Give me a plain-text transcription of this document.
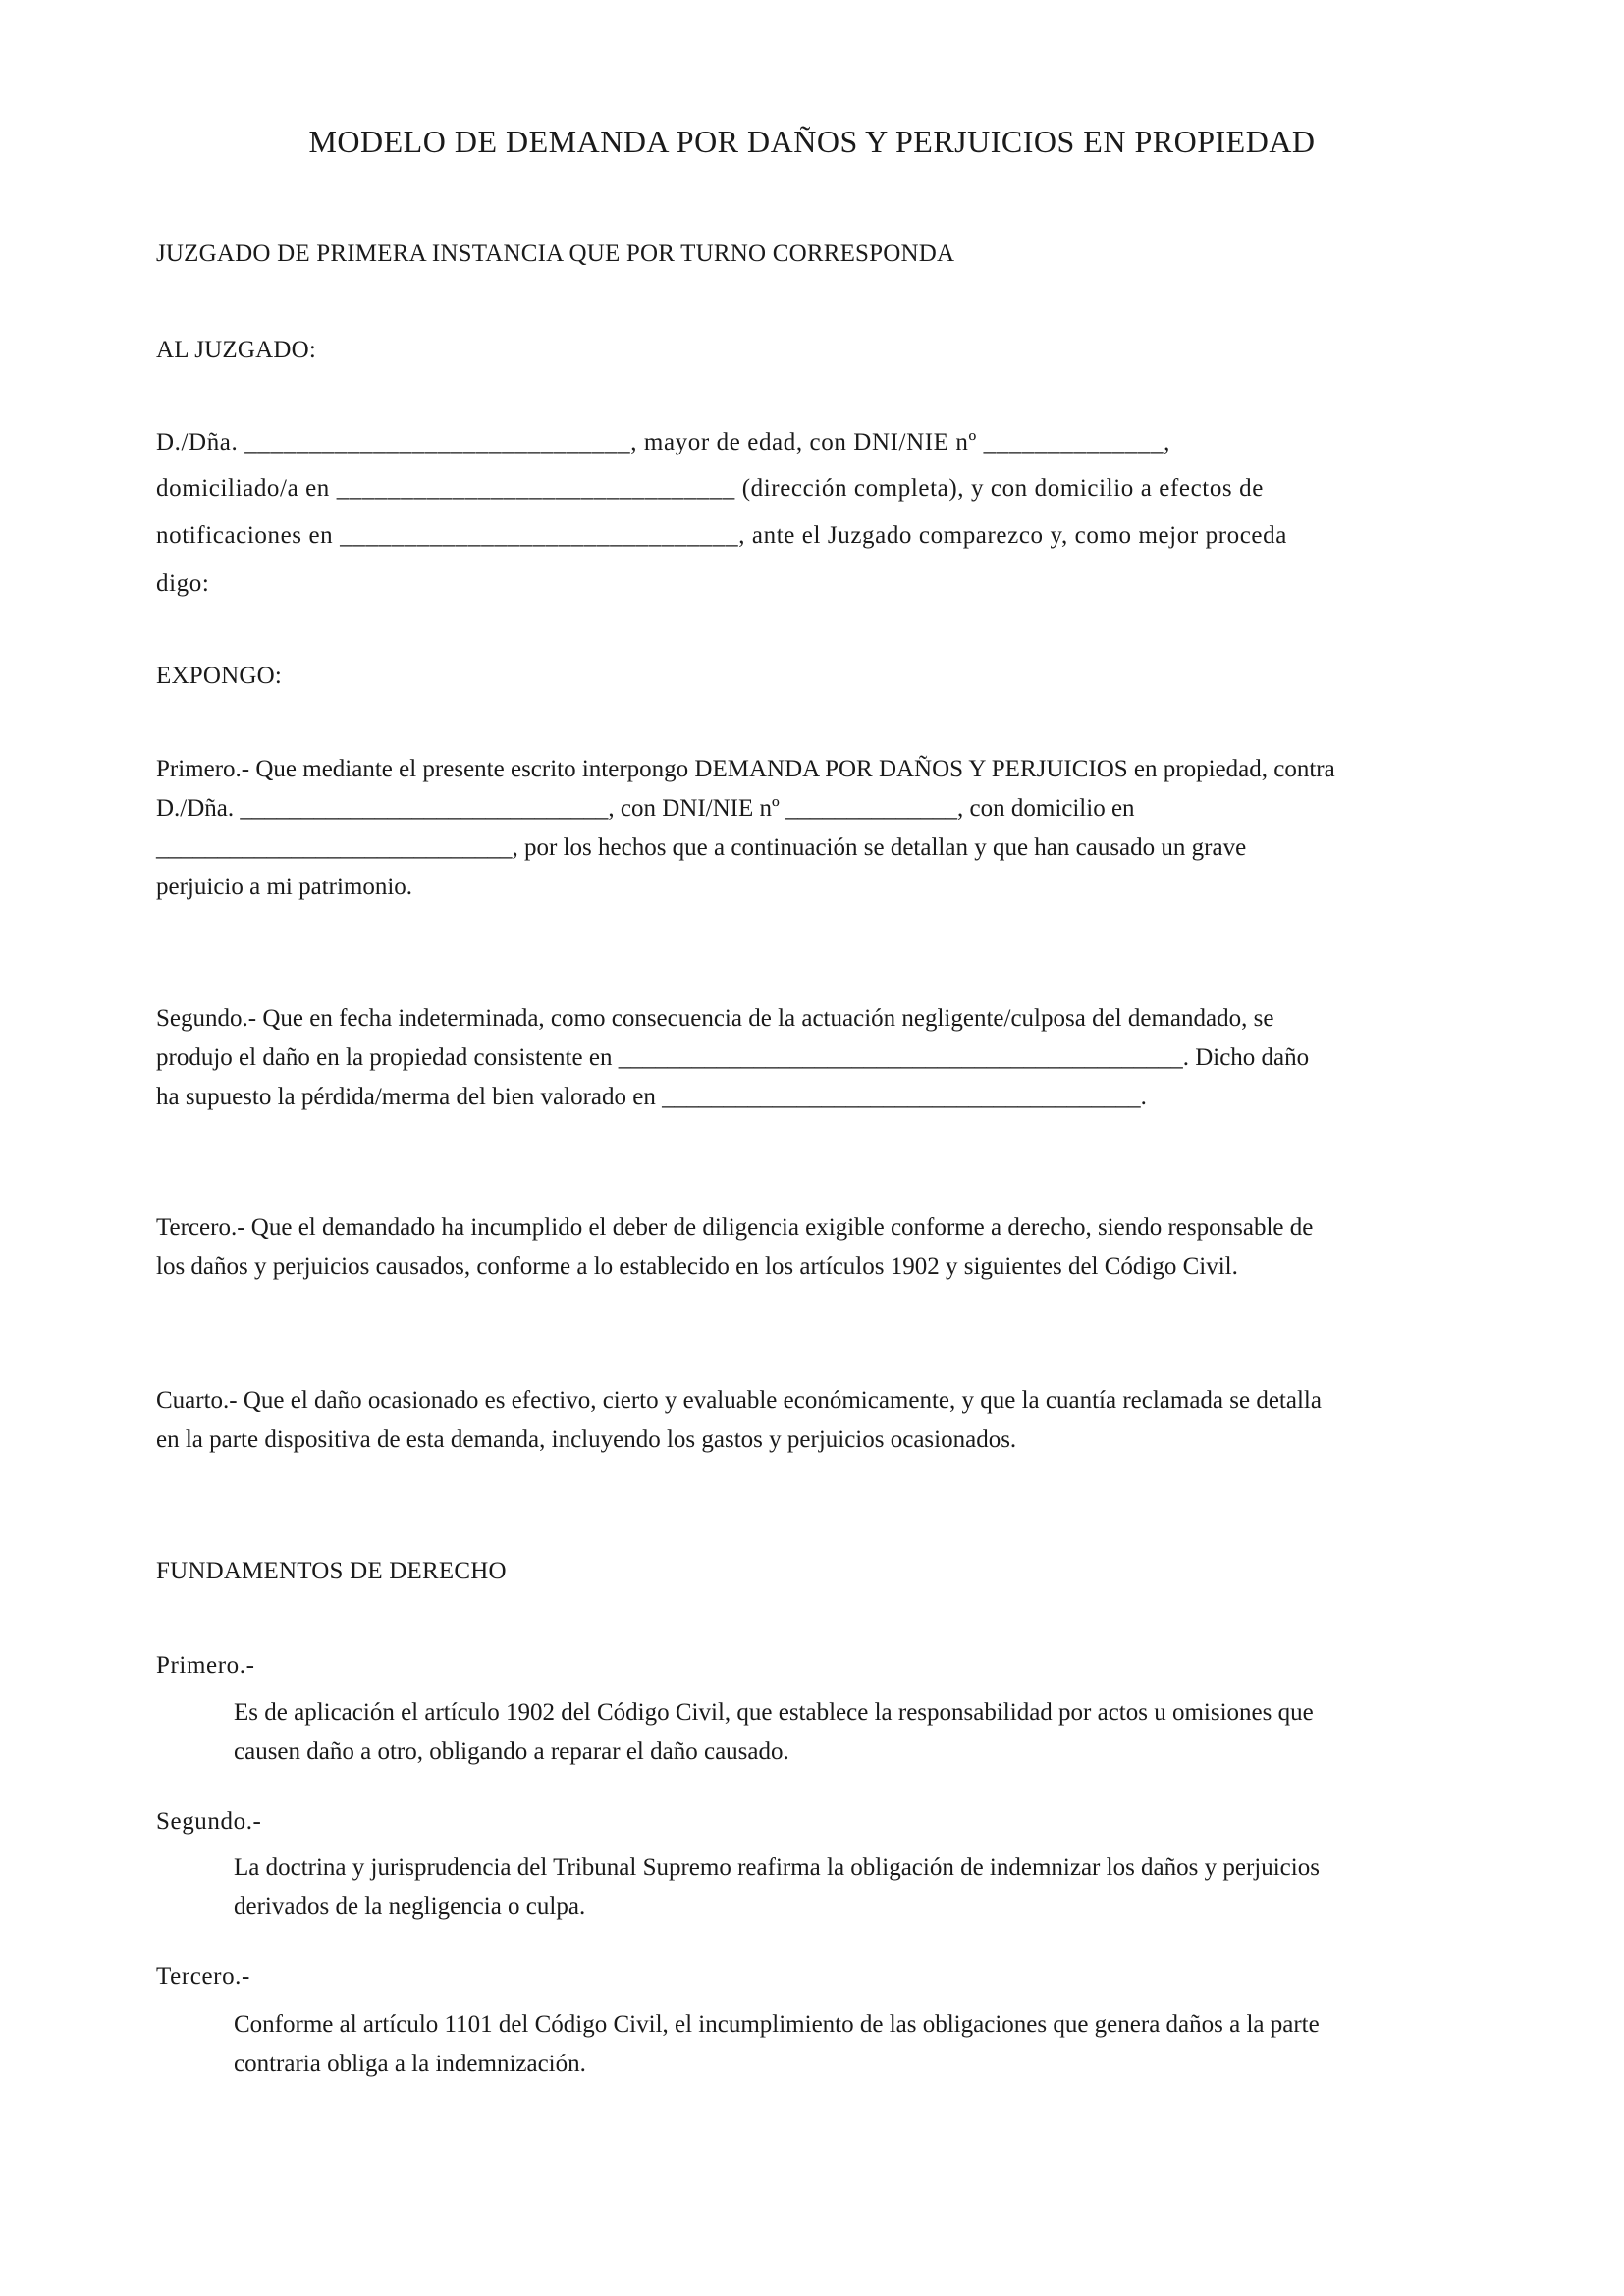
MODELO DE DEMANDA POR DAÑOS Y PERJUICIOS EN PROPIEDAD
JUZGADO DE PRIMERA INSTANCIA QUE POR TURNO CORRESPONDA
AL JUZGADO:
D./Dña. ______________________________, mayor de edad, con DNI/NIE nº ______________,
domiciliado/a en _______________________________ (dirección completa), y con domicilio a efectos de
notificaciones en _______________________________, ante el Juzgado comparezco y, como mejor proceda
digo:
EXPONGO:
Primero.- Que mediante el presente escrito interpongo DEMANDA POR DAÑOS Y PERJUICIOS en propiedad, contra
D./Dña. ______________________________, con DNI/NIE nº ______________, con domicilio en
_____________________________, por los hechos que a continuación se detallan y que han causado un grave
perjuicio a mi patrimonio.
Segundo.- Que en fecha indeterminada, como consecuencia de la actuación negligente/culposa del demandado, se
produjo el daño en la propiedad consistente en ______________________________________________. Dicho daño
ha supuesto la pérdida/merma del bien valorado en _______________________________________.
Tercero.- Que el demandado ha incumplido el deber de diligencia exigible conforme a derecho, siendo responsable de
los daños y perjuicios causados, conforme a lo establecido en los artículos 1902 y siguientes del Código Civil.
Cuarto.- Que el daño ocasionado es efectivo, cierto y evaluable económicamente, y que la cuantía reclamada se detalla
en la parte dispositiva de esta demanda, incluyendo los gastos y perjuicios ocasionados.
FUNDAMENTOS DE DERECHO
Primero.-
Es de aplicación el artículo 1902 del Código Civil, que establece la responsabilidad por actos u omisiones que
causen daño a otro, obligando a reparar el daño causado.
Segundo.-
La doctrina y jurisprudencia del Tribunal Supremo reafirma la obligación de indemnizar los daños y perjuicios
derivados de la negligencia o culpa.
Tercero.-
Conforme al artículo 1101 del Código Civil, el incumplimiento de las obligaciones que genera daños a la parte
contraria obliga a la indemnización.
